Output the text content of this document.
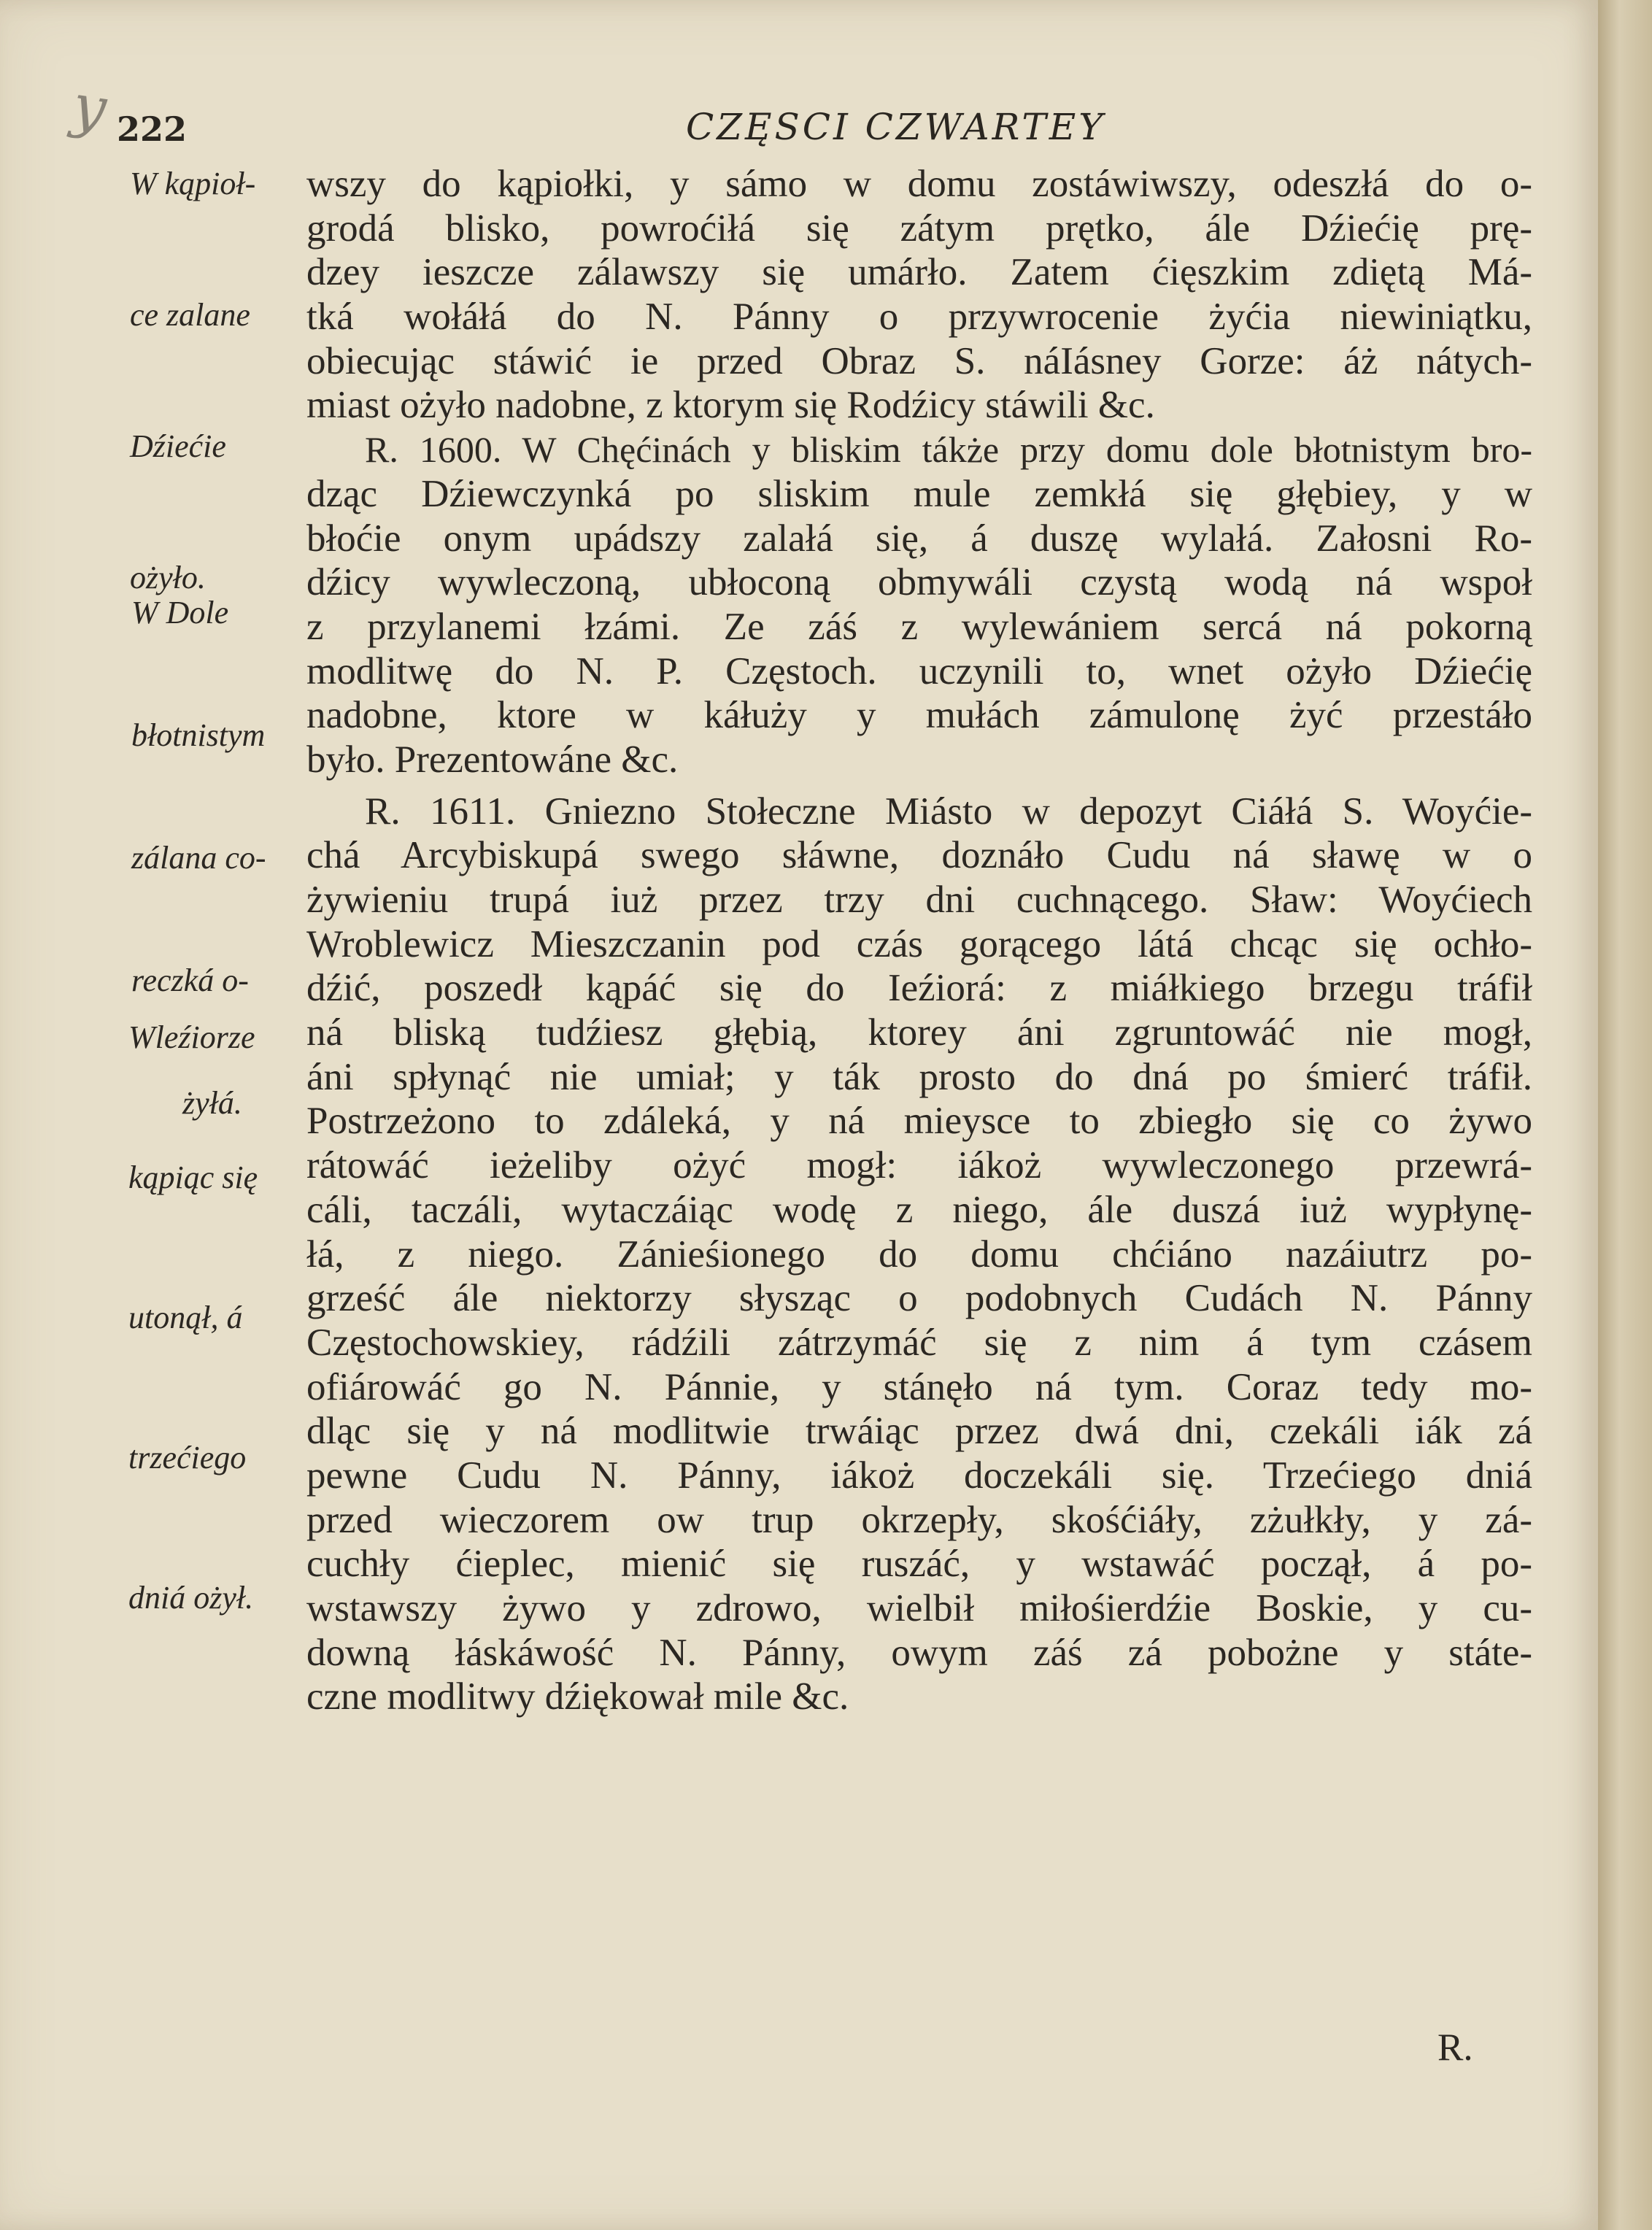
y 222	CZĘSCI CZWARTEY
W kąpioł-

ce zalane

Dźiećie

ożyło.

W Dole

błotnistym

zálana co-

reczká o-

żyłá.

Wleźiorze

kąpiąc się

utonął, á

trzećiego

dniá ożył.

wszy do kąpiołki, y sámo w domu zostáwiwszy, odeszłá do o-
grodá blisko, powroćiłá się zátym prętko, ále Dźiećię prę-
dzey ieszcze zálawszy się umárło. Zatem ćięszkim zdiętą Má-
tká wołáłá do N. Pánny o przywrocenie żyćia niewiniątku,
obiecując stáwić ie przed Obraz S. náIásney Gorze: áż nátych-
miast ożyło nadobne, z ktorym się Rodźicy stáwili &c.
R. 1600. W Chęćinách y bliskim tákże przy domu dole błotnistym bro-
dząc Dźiewczynká po sliskim mule zemkłá się głębiey, y w
błoćie onym upádszy zalałá się, á duszę wylałá. Załosni Ro-
dźicy wywleczoną, ubłoconą obmywáli czystą wodą ná wspoł
z przylanemi łzámi. Ze záś z wylewániem sercá ná pokorną
modlitwę do N. P. Częstoch. uczynili to, wnet ożyło Dźiećię
nadobne, ktore w káłuży y mułách zámulonę żyć przestáło
było. Prezentowáne &c.
R. 1611. Gniezno Stołeczne Miásto w depozyt Ciáłá S. Woyćie-
chá Arcybiskupá swego słáwne, doznáło Cudu ná sławę w o
żywieniu trupá iuż przez trzy dni cuchnącego. Sław: Woyćiech
Wroblewicz Mieszczanin pod czás gorącego látá chcąc się ochło-
dźić, poszedł kąpáć się do Ieźiorá: z miáłkiego brzegu tráfił
ná bliską tudźiesz głębią, ktorey áni zgruntowáć nie mogł,
áni spłynąć nie umiał; y ták prosto do dná po śmierć tráfił.
Postrzeżono to zdáleká, y ná mieysce to zbiegło się co żywo
rátowáć ieżeliby ożyć mogł: iákoż wywleczonego przewrá-
cáli, taczáli, wytaczáiąc wodę z niego, ále duszá iuż wypłynę-
łá, z niego. Zánieśionego do domu chćiáno nazáiutrz po-
grześć ále niektorzy słysząc o podobnych Cudách N. Pánny
Częstochowskiey, rádźili zátrzymáć się z nim á tym czásem
ofiárowáć go N. Pánnie, y stánęło ná tym. Coraz tedy mo-
dląc się y ná modlitwie trwáiąc przez dwá dni, czekáli iák zá
pewne Cudu N. Pánny, iákoż doczekáli się. Trzećiego dniá
przed wieczorem ow trup okrzepły, skośćiáły, zżułkły, y zá-
cuchły ćieplec, mienić się ruszáć, y wstawáć począł, á po-
wstawszy żywo y zdrowo, wielbił miłośierdźie Boskie, y cu-
downą łáskáwość N. Pánny, owym záś zá pobożne y státe-
czne modlitwy dźiękował mile &c.
R.
